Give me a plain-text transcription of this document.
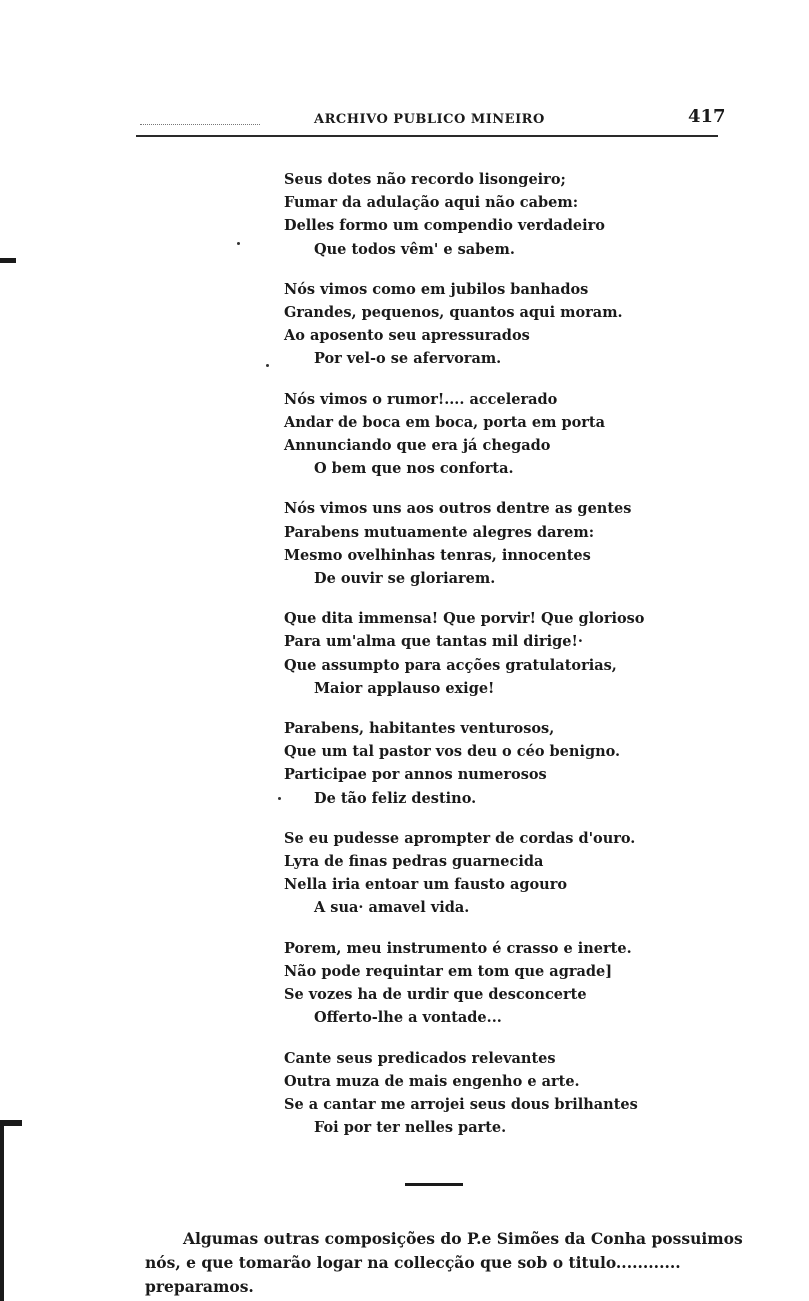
ARCHIVO PUBLICO MINEIRO	417
Seus dotes não recordo lisongeiro;
Fumar da adulação aqui não cabem:
Delles formo um compendio verdadeiro
Que todos vêm' e sabem.
Nós vimos como em jubilos banhados
Grandes, pequenos, quantos aqui moram.
Ao aposento seu apressurados
Por vel-o se afervoram.
Nós vimos o rumor!.... accelerado
Andar de boca em boca, porta em porta
Annunciando que era já chegado
O bem que nos conforta.
Nós vimos uns aos outros dentre as gentes
Parabens mutuamente alegres darem:
Mesmo ovelhinhas tenras, innocentes
De ouvir se gloriarem.
Que dita immensa! Que porvir! Que glorioso
Para um'alma que tantas mil dirige!·
Que assumpto para acções gratulatorias,
Maior applauso exige!
Parabens, habitantes venturosos,
Que um tal pastor vos deu o céo benigno.
Participae por annos numerosos
De tão feliz destino.
Se eu pudesse aprompter de cordas d'ouro.
Lyra de finas pedras guarnecida
Nella iria entoar um fausto agouro
A sua· amavel vida.
Porem, meu instrumento é crasso e inerte.
Não pode requintar em tom que agrade]
Se vozes ha de urdir que desconcerte
Offerto-lhe a vontade...
Cante seus predicados relevantes
Outra muza de mais engenho e arte.
Se a cantar me arrojei seus dous brilhantes
Foi por ter nelles parte.
Algumas outras composições do P.e Simões da Conha possuimos nós, e que tomarão logar na collecção que sob o titulo............ preparamos.
